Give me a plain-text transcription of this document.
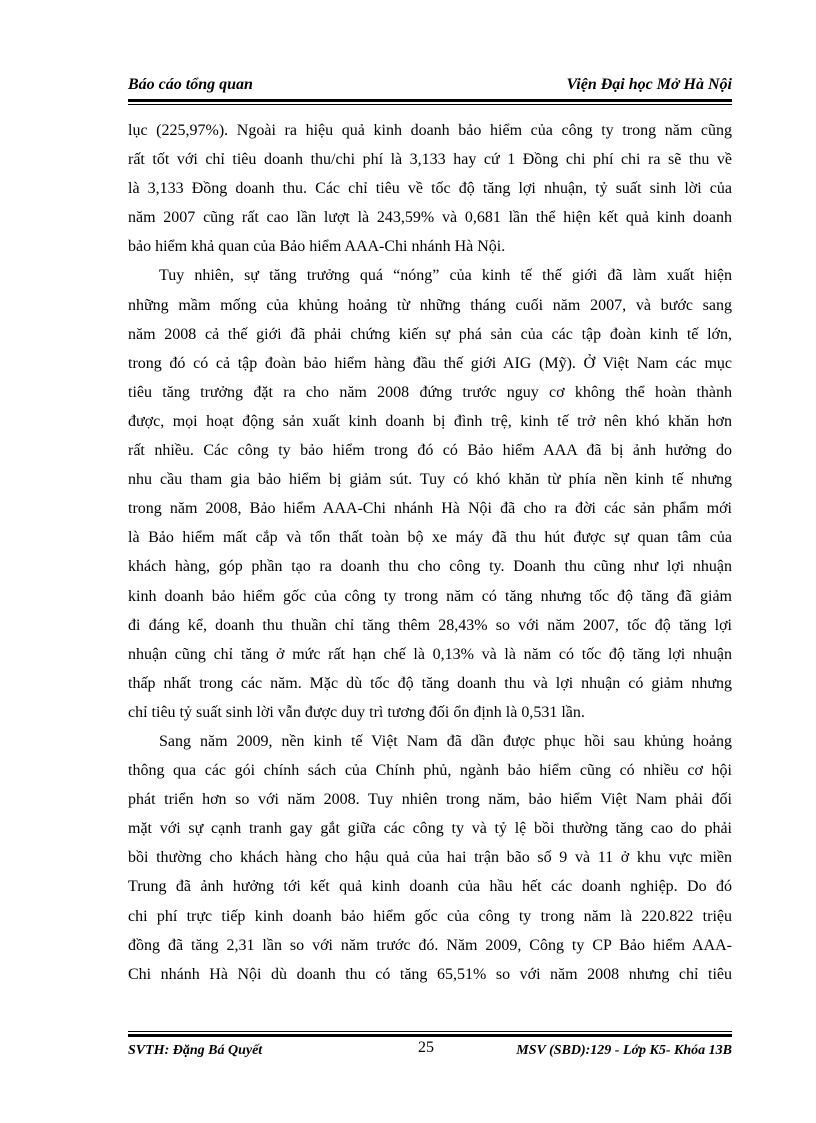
Báo cáo tổng quan	Viện Đại học Mở Hà Nội
lục (225,97%). Ngoài ra hiệu quả kinh doanh bảo hiểm của công ty trong năm cũng
rất tốt với chỉ tiêu doanh thu/chi phí là 3,133 hay cứ 1 Đồng chi phí chi ra sẽ thu về
là 3,133 Đồng doanh thu. Các chỉ tiêu về tốc độ tăng lợi nhuận, tỷ suất sinh lời của
năm 2007 cũng rất cao lần lượt là 243,59% và 0,681 lần thể hiện kết quả kinh doanh
bảo hiểm khả quan của Bảo hiểm AAA-Chi nhánh Hà Nội.
Tuy nhiên, sự tăng trưởng quá “nóng” của kinh tế thế giới đã làm xuất hiện
những mầm mống của khủng hoảng từ những tháng cuối năm 2007, và bước sang
năm 2008 cả thế giới đã phải chứng kiến sự phá sản của các tập đoàn kinh tế lớn,
trong đó có cả tập đoàn bảo hiểm hàng đầu thế giới AIG (Mỹ). Ở Việt Nam các mục
tiêu tăng trưởng đặt ra cho năm 2008 đứng trước nguy cơ không thể hoàn thành
được, mọi hoạt động sản xuất kinh doanh bị đình trệ, kinh tế trở nên khó khăn hơn
rất nhiều. Các công ty bảo hiểm trong đó có Bảo hiểm AAA đã bị ảnh hưởng do
nhu cầu tham gia bảo hiểm bị giảm sút. Tuy có khó khăn từ phía nền kinh tế nhưng
trong năm 2008, Bảo hiểm AAA-Chi nhánh Hà Nội đã cho ra đời các sản phẩm mới
là Bảo hiểm mất cắp và tổn thất toàn bộ xe máy đã thu hút được sự quan tâm của
khách hàng, góp phần tạo ra doanh thu cho công ty. Doanh thu cũng như lợi nhuận
kinh doanh bảo hiểm gốc của công ty trong năm có tăng nhưng tốc độ tăng đã giảm
đi đáng kể, doanh thu thuần chỉ tăng thêm 28,43% so với năm 2007, tốc độ tăng lợi
nhuận cũng chỉ tăng ở mức rất hạn chế là 0,13% và là năm có tốc độ tăng lợi nhuận
thấp nhất trong các năm. Mặc dù tốc độ tăng doanh thu và lợi nhuận có giảm nhưng
chỉ tiêu tỷ suất sinh lời vẫn được duy trì tương đối ổn định là 0,531 lần.
Sang năm 2009, nền kinh tế Việt Nam đã dần được phục hồi sau khủng hoảng
thông qua các gói chính sách của Chính phủ, ngành bảo hiểm cũng có nhiều cơ hội
phát triển hơn so với năm 2008. Tuy nhiên trong năm, bảo hiểm Việt Nam phải đối
mặt với sự cạnh tranh gay gắt giữa các công ty và tỷ lệ bồi thường tăng cao do phải
bồi thường cho khách hàng cho hậu quả của hai trận bão số 9 và 11 ở khu vực miền
Trung đã ảnh hưởng tới kết quả kinh doanh của hầu hết các doanh nghiệp. Do đó
chi phí trực tiếp kinh doanh bảo hiểm gốc của công ty trong năm là 220.822 triệu
đồng đã tăng 2,31 lần so với năm trước đó. Năm 2009, Công ty CP Bảo hiểm AAA-
Chi nhánh Hà Nội dù doanh thu có tăng 65,51% so với năm 2008 nhưng chỉ tiêu
SVTH: Đặng Bá Quyết	25	MSV (SBD):129 - Lớp K5- Khóa 13B
